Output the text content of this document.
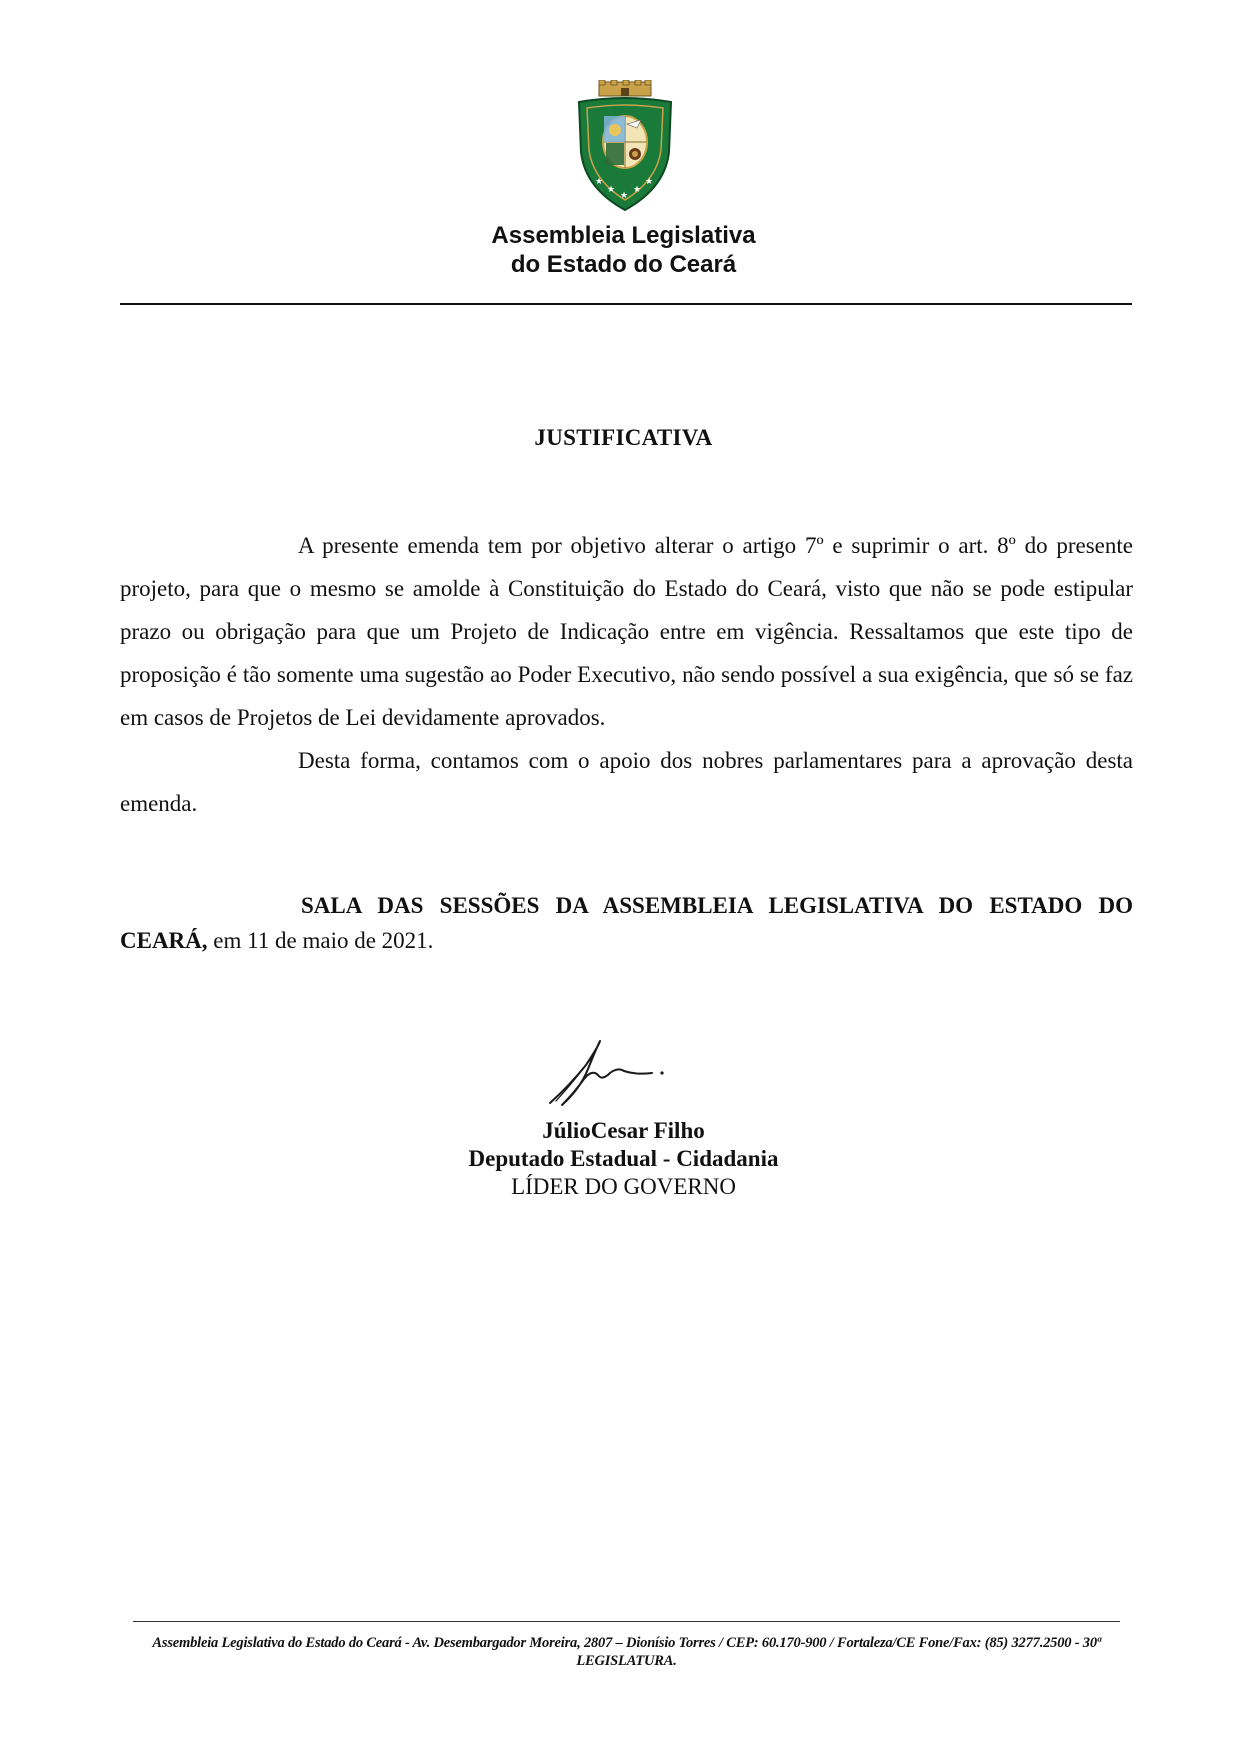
★
★ ★
★
★
Assembleia Legislativa
do Estado do Ceará
JUSTIFICATIVA

A presente emenda tem por objetivo alterar o artigo 7º e suprimir o art. 8º do presente projeto, para que o mesmo se amolde à Constituição do Estado do Ceará, visto que não se pode estipular prazo ou obrigação para que um Projeto de Indicação entre em vigência. Ressaltamos que este tipo de proposição é tão somente uma sugestão ao Poder Executivo, não sendo possível a sua exigência, que só se faz em casos de Projetos de Lei devidamente aprovados.

Desta forma, contamos com o apoio dos nobres parlamentares para a aprovação desta emenda.

SALA DAS SESSÕES DA ASSEMBLEIA LEGISLATIVA DO ESTADO DO CEARÁ, em 11 de maio de 2021.

JúlioCesar Filho
Deputado Estadual - Cidadania
LÍDER DO GOVERNO
Assembleia Legislativa do Estado do Ceará - Av. Desembargador Moreira, 2807 – Dionísio Torres / CEP: 60.170-900 / Fortaleza/CE Fone/Fax: (85) 3277.2500 - 30ª LEGISLATURA.
